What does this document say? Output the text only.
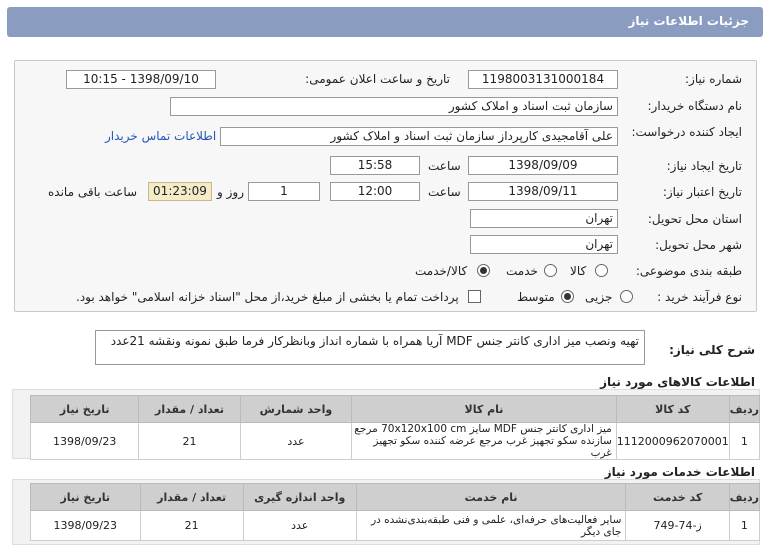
جزئیات اطلاعات نیاز
شماره نیاز:
1198003131000184
تاریخ و ساعت اعلان عمومی:
1398/09/10 - 10:15
نام دستگاه خریدار:
سازمان ثبت اسناد و املاک کشور
ایجاد کننده درخواست:
علی آقامجیدی کارپرداز سازمان ثبت اسناد و املاک کشور
اطلاعات تماس خریدار
تاریخ ایجاد نیاز:
1398/09/09
ساعت
15:58
تاریخ اعتبار نیاز:
1398/09/11
ساعت
12:00
1
روز و
01:23:09
ساعت باقی مانده
استان محل تحویل:
تهران
شهر محل تحویل:
تهران
طبقه بندی موضوعی:
کالا
خدمت
کالا/خدمت
نوع فرآیند خرید :
جزیی
متوسط
پرداخت تمام یا بخشی از مبلغ خرید،از محل "اسناد خزانه اسلامی" خواهد بود.
شرح کلی نیاز:
تهیه ونصب میز اداری کانتر جنس MDF آریا همراه با شماره انداز وبانظرکار فرما طبق نمونه ونقشه 21عدد
اطلاعات کالاهای مورد نیاز
ردیف	کد کالا	نام کالا	واحد شمارش	تعداد / مقدار	تاریخ نیاز
1	1112000962070001	میز اداری کانتر جنس MDF سایز 70x120x100 cm مرجع سازنده سکو تجهیز غرب مرجع عرضه کننده سکو تجهیز غرب	عدد	21	1398/09/23
اطلاعات خدمات مورد نیاز
ردیف	کد خدمت	نام خدمت	واحد اندازه گیری	تعداد / مقدار	تاریخ نیاز
1	ز-74-749	سایر فعالیت‌های حرفه‌ای، علمی و فنی طبقه‌بندی‌نشده در جای دیگر	عدد	21	1398/09/23
